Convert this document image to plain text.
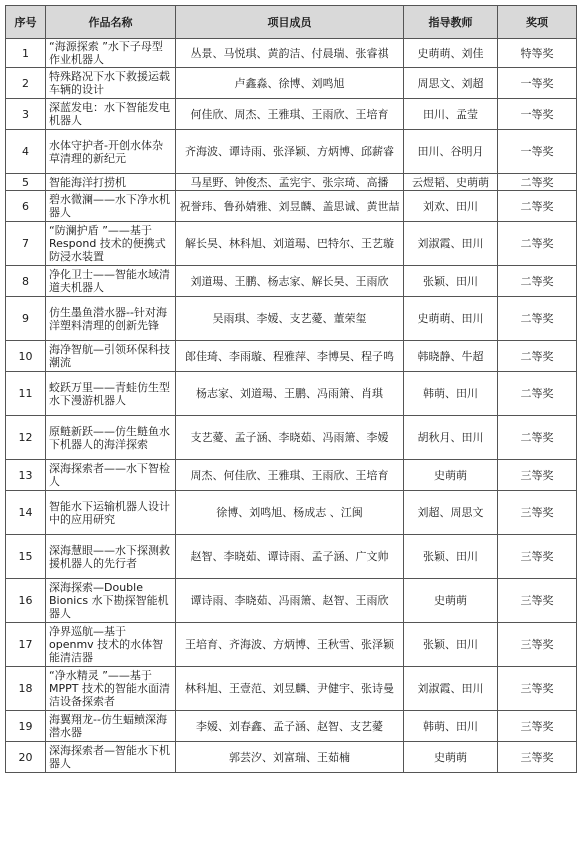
序号	作品名称	项目成员	指导教师	奖项
1	“海源探索 ”水下子母型作业机器人	丛景、马悦琪、黄韵洁、付晨瑞、张睿祺	史萌萌、刘佳	特等奖
2	特殊路况下水下救援运载车辆的设计	卢鑫淼、徐博、刘鸣旭	周思文、刘超	一等奖
3	深蓝发电：水下智能发电机器人	何佳欣、周杰、王雅琪、王雨欣、王培育	田川、孟莹	一等奖
4	水体守护者-开创水体杂草清理的新纪元	齐海波、谭诗雨、张泽颖、方炳博、邱薪睿	田川、谷明月	一等奖
5	智能海洋打捞机	马星野、钟俊杰、孟宪宇、张宗琦、高播	云煜韬、史萌萌	二等奖
6	碧水微澜——水下净水机器人	祝誉玮、鲁孙婧雅、刘昱麟、盖思诚、黄世喆	刘欢、田川	二等奖
7	“防澜护盾 ”——基于 Respond 技术的便携式防浸水装置	解长昊、林科旭、刘道瑒、巴特尔、王艺璇	刘淑霞、田川	二等奖
8	净化卫士——智能水域清道夫机器人	刘道瑒、王鹏、杨志家、解长昊、王雨欣	张颖、田川	二等奖
9	仿生墨鱼潜水器--针对海洋塑料清理的创新先锋	吴雨琪、李嫒、支艺薆、董荣玺	史萌萌、田川	二等奖
10	海净智航—引领环保科技潮流	郎佳琦、李雨璇、程雅萍、李博昊、程子鸣	韩晓静、牛超	二等奖
11	蛟跃万里——青蛙仿生型水下漫游机器人	杨志家、刘道瑒、王鹏、冯雨箫、肖琪	韩萌、田川	二等奖
12	原鲢新跃——仿生鲢鱼水下机器人的海洋探索	支艺薆、孟子涵、李晓茹、冯雨箫、李嫒	胡秋月、田川	二等奖
13	深海探索者——水下智检人	周杰、何佳欣、王雅琪、王雨欣、王培育	史萌萌	三等奖
14	智能水下运输机器人设计中的应用研究	徐博、刘鸣旭、杨成志 、江闽	刘超、周思文	三等奖
15	深海慧眼——水下探测救援机器人的先行者	赵智、李晓茹、谭诗雨、孟子涵、广文帅	张颖、田川	三等奖
16	深海探索—Double Bionics 水下勘探智能机器人	谭诗雨、李晓茹、冯雨箫、赵智、王雨欣	史萌萌	三等奖
17	净界巡航—基于 openmv 技术的水体智能清洁器	王培育、齐海波、方炳博、王秋雪、张泽颖	张颖、田川	三等奖
18	“净水精灵 ”——基于 MPPT 技术的智能水面清洁设备探索者	林科旭、王壹范、刘昱麟、尹健宇、张诗曼	刘淑霞、田川	三等奖
19	海翼翔龙--仿生蝠鲼深海潜水器	李嫒、刘春鑫、孟子涵、赵智、支艺薆	韩萌、田川	三等奖
20	深海探索者—智能水下机器人	郭芸汐、刘富瑞、王茹楠	史萌萌	三等奖
